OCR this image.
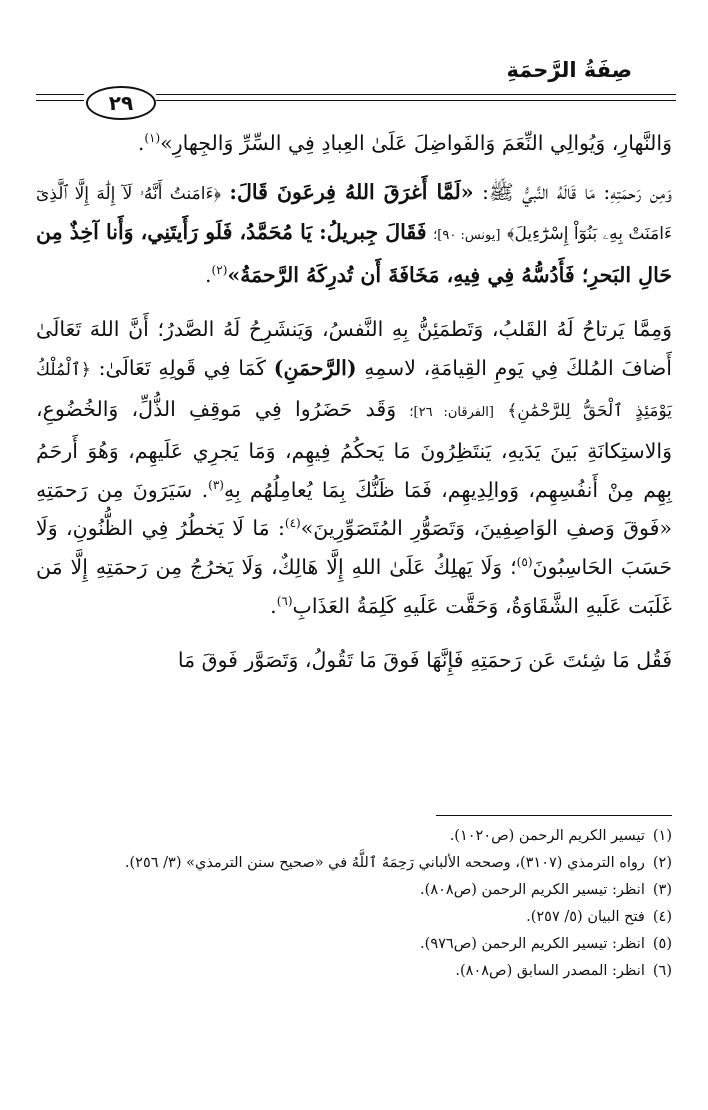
صِفَةُ الرَّحمَةِ
٢٩

وَالنَّهارِ، وَيُوالِي النِّعَمَ وَالفَواضِلَ عَلَىٰ العِبادِ فِي السِّرِّ وَالجِهارِ»$^{(١)}$.

وَمِن رَحمَتِهِ: مَا قَالَهُ النَّبيُّ ﷺ: «لَمَّا أَغرَقَ اللهُ فِرعَونَ قَالَ: ﴿ءَامَنتُ أَنَّهُۥ لَآ إِلَٰهَ إِلَّا ٱلَّذِىٓ ءَامَنَتْ بِهِۦ بَنُوٓاْ إِسْرَٰٓءِيلَ﴾ [يونس: ٩٠]؛ فَقَالَ جِبريلُ: يَا مُحَمَّدُ، فَلَو رَأَيتَنِي، وَأَنا آخِذٌ مِن حَالِ البَحرِ؛ فَأَدُسُّهُ فِي فِيهِ، مَخَافَةَ أَن تُدرِكَهُ الرَّحمَةُ»$^{(٢)}$.

وَمِمَّا يَرتاحُ لَهُ القَلبُ، وَتَطمَئِنُّ بِهِ النَّفسُ، وَيَنشَرِحُ لَهُ الصَّدرُ؛ أَنَّ اللهَ تَعَالَىٰ أَضافَ المُلكَ فِي يَومِ القِيامَةِ، لاسمِهِ (الرَّحمَنِ) كَمَا فِي قَولِهِ تَعَالَىٰ: ﴿ٱلْمُلْكُ يَوْمَئِذٍ ٱلْحَقُّ لِلرَّحْمَٰنِ﴾ [الفرقان: ٢٦]؛ وَقَد حَضَرُوا فِي مَوقِفِ الذُّلِّ، وَالخُضُوعِ، وَالاستِكانَةِ بَينَ يَدَيهِ، يَنتَظِرُونَ مَا يَحكُمُ فِيهِم، وَمَا يَجرِي عَلَيهِم، وَهُوَ أَرحَمُ بِهِم مِنْ أَنفُسِهِم، وَوالِدِيهِم، فَمَا ظَنُّكَ بِمَا يُعامِلُهُم بِهِ$^{(٣)}$. سَيَرَونَ مِن رَحمَتِهِ «فَوقَ وَصفِ الوَاصِفِينَ، وَتَصَوُّرِ المُتَصَوِّرِينَ»$^{(٤)}$: مَا لَا يَخطُرُ فِي الظُّنُونِ، وَلَا حَسَبَ الحَاسِبُونَ$^{(٥)}$؛ وَلَا يَهلِكُ عَلَىٰ اللهِ إِلَّا هَالِكٌ، وَلَا يَخرُجُ مِن رَحمَتِهِ إِلَّا مَن غَلَبَت عَلَيهِ الشَّقَاوَةُ، وَحَقَّت عَلَيهِ كَلِمَةُ العَذَابِ$^{(٦)}$.

فَقُل مَا شِئتَ عَن رَحمَتِهِ فَإِنَّهَا فَوقَ مَا تَقُولُ، وَتَصَوَّر فَوقَ مَا

(١)
تيسير الكريم الرحمن (ص١٠٢٠).
(٢)
رواه الترمذي (٣١٠٧)، وصححه الألباني رَحِمَهُ ٱللَّهُ في «صحيح سنن الترمذي» (٣/ ٢٥٦).
(٣)
انظر: تيسير الكريم الرحمن (ص٨٠٨).
(٤)
فتح البيان (٥/ ٢٥٧).
(٥)
انظر: تيسير الكريم الرحمن (ص٩٧٦).
(٦)
انظر: المصدر السابق (ص٨٠٨).
